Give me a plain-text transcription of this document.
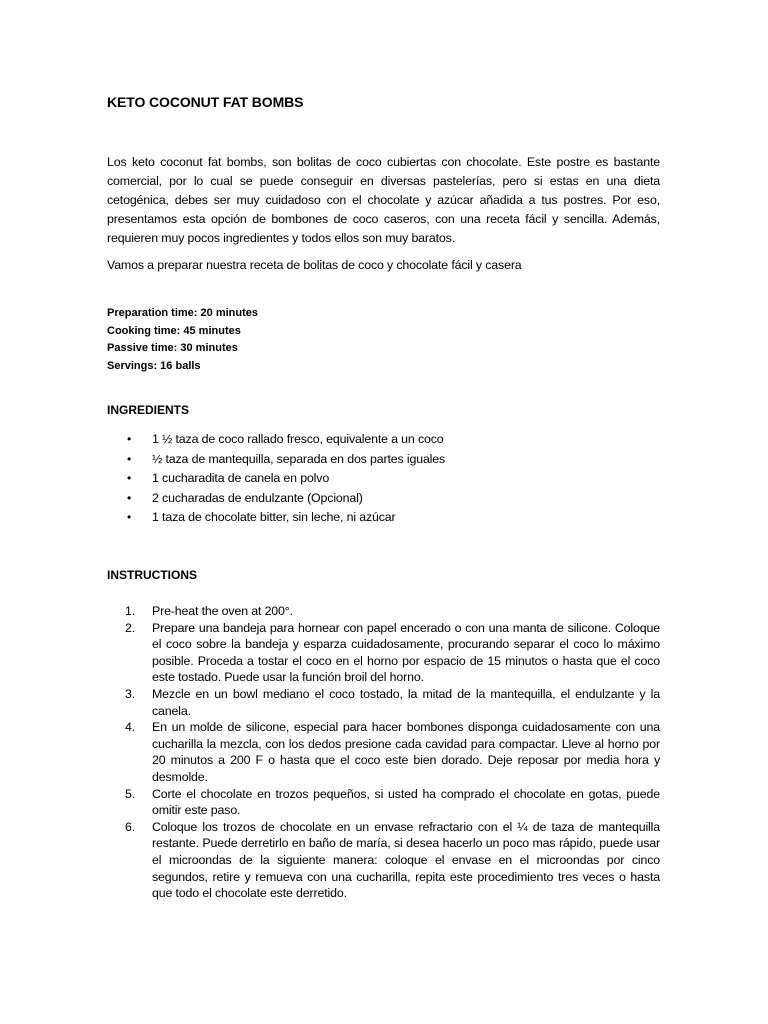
KETO COCONUT FAT BOMBS

Los keto coconut fat bombs, son bolitas de coco cubiertas con chocolate. Este postre es bastante comercial, por lo cual se puede conseguir en diversas pastelerías, pero si estas en una dieta cetogénica, debes ser muy cuidadoso con el chocolate y azúcar añadida a tus postres. Por eso, presentamos esta opción de bombones de coco caseros, con una receta fácil y sencilla. Además, requieren muy pocos ingredientes y todos ellos son muy baratos.

Vamos a preparar nuestra receta de bolitas de coco y chocolate fácil y casera

Preparation time: 20 minutes
Cooking time: 45 minutes
Passive time: 30 minutes
Servings: 16 balls
INGREDIENTS
• 1 ½ taza de coco rallado fresco, equivalente a un coco
• ½ taza de mantequilla, separada en dos partes iguales
• 1 cucharadita de canela en polvo
• 2 cucharadas de endulzante (Opcional)
• 1 taza de chocolate bitter, sin leche, ni azúcar
INSTRUCTIONS
1. Pre-heat the oven at 200°.
2. Prepare una bandeja para hornear con papel encerado o con una manta de silicone. Coloque el coco sobre la bandeja y esparza cuidadosamente, procurando separar el coco lo máximo posible. Proceda a tostar el coco en el horno por espacio de 15 minutos o hasta que el coco este tostado. Puede usar la función broil del horno.
3. Mezcle en un bowl mediano el coco tostado, la mitad de la mantequilla, el endulzante y la canela.
4. En un molde de silicone, especial para hacer bombones disponga cuidadosamente con una cucharilla la mezcla, con los dedos presione cada cavidad para compactar. Lleve al horno por 20 minutos a 200 F o hasta que el coco este bien dorado. Deje reposar por media hora y desmolde.
5. Corte el chocolate en trozos pequeños, si usted ha comprado el chocolate en gotas, puede omitir este paso.
6. Coloque los trozos de chocolate en un envase refractario con el ¼ de taza de mantequilla restante. Puede derretirlo en baño de maría, si desea hacerlo un poco mas rápido, puede usar el microondas de la siguiente manera: coloque el envase en el microondas por cinco segundos, retire y remueva con una cucharilla, repita este procedimiento tres veces o hasta que todo el chocolate este derretido.
